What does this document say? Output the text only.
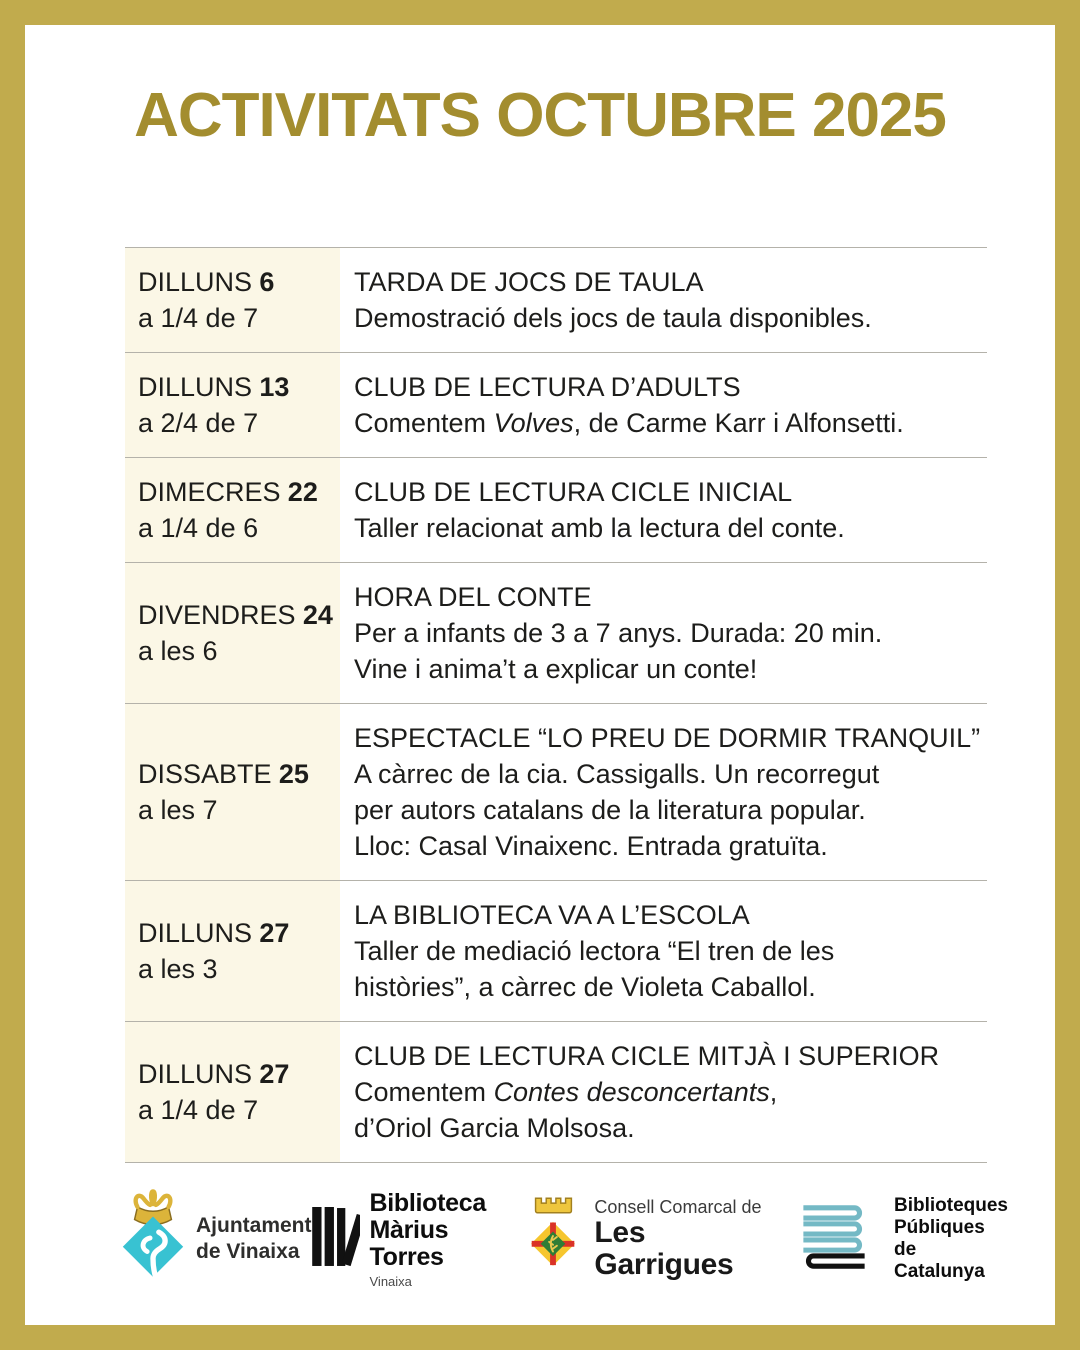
ACTIVITATS OCTUBRE 2025
DILLUNS 6
a 1/4 de 7
TARDA DE JOCS DE TAULA
Demostració dels jocs de taula disponibles.
DILLUNS 13
a 2/4 de 7
CLUB DE LECTURA D’ADULTS
Comentem Volves, de Carme Karr i Alfonsetti.
DIMECRES 22
a 1/4 de 6
CLUB DE LECTURA CICLE INICIAL
Taller relacionat amb la lectura del conte.
DIVENDRES 24
a les 6
HORA DEL CONTE
Per a infants de 3 a 7 anys. Durada: 20 min.
Vine i anima’t a explicar un conte!
DISSABTE 25
a les 7
ESPECTACLE “LO PREU DE DORMIR TRANQUIL”
A càrrec de la cia. Cassigalls. Un recorregut
per autors catalans de la literatura popular.
Lloc: Casal Vinaixenc. Entrada gratuïta.
DILLUNS 27
a les 3
LA BIBLIOTECA VA A L’ESCOLA
Taller de mediació lectora “El tren de les
històries”, a càrrec de Violeta Caballol.
DILLUNS 27
a 1/4 de 7
CLUB DE LECTURA CICLE MITJÀ I SUPERIOR
Comentem Contes desconcertants,
d’Oriol Garcia Molsosa.
Ajuntament
de Vinaixa
Biblioteca
Màrius Torres
Vinaixa
Consell Comarcal de
Les Garrigues
Biblioteques
Públiques
de Catalunya
